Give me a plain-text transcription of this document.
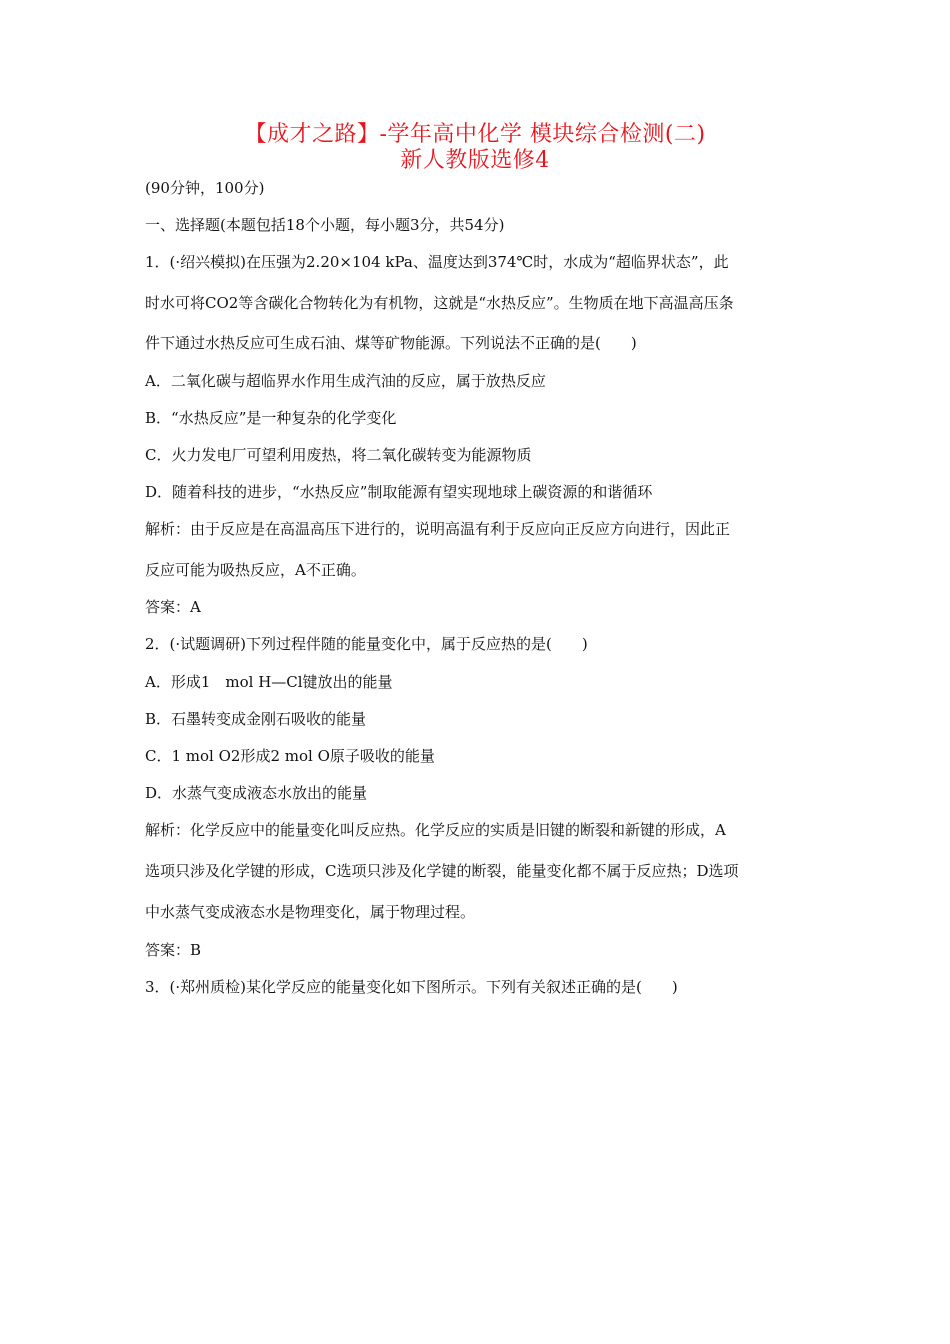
【成才之路】-学年高中化学 模块综合检测(二)
新人教版选修4
(90分钟，100分)
一、选择题(本题包括18个小题，每小题3分，共54分)
1．(·绍兴模拟)在压强为2.20×104 kPa、温度达到374℃时，水成为“超临界状态”，此
时水可将CO2等含碳化合物转化为有机物，这就是“水热反应”。生物质在地下高温高压条
件下通过水热反应可生成石油、煤等矿物能源。下列说法不正确的是(　　)
A．二氧化碳与超临界水作用生成汽油的反应，属于放热反应
B．“水热反应”是一种复杂的化学变化
C．火力发电厂可望利用废热，将二氧化碳转变为能源物质
D．随着科技的进步，“水热反应”制取能源有望实现地球上碳资源的和谐循环
解析：由于反应是在高温高压下进行的，说明高温有利于反应向正反应方向进行，因此正
反应可能为吸热反应，A不正确。
答案：A
2．(·试题调研)下列过程伴随的能量变化中，属于反应热的是(　　)
A．形成1　mol H—Cl键放出的能量
B．石墨转变成金刚石吸收的能量
C．1 mol O2形成2 mol O原子吸收的能量
D．水蒸气变成液态水放出的能量
解析：化学反应中的能量变化叫反应热。化学反应的实质是旧键的断裂和新键的形成，A
选项只涉及化学键的形成，C选项只涉及化学键的断裂，能量变化都不属于反应热；D选项
中水蒸气变成液态水是物理变化，属于物理过程。
答案：B
3．(·郑州质检)某化学反应的能量变化如下图所示。下列有关叙述正确的是(　　)
